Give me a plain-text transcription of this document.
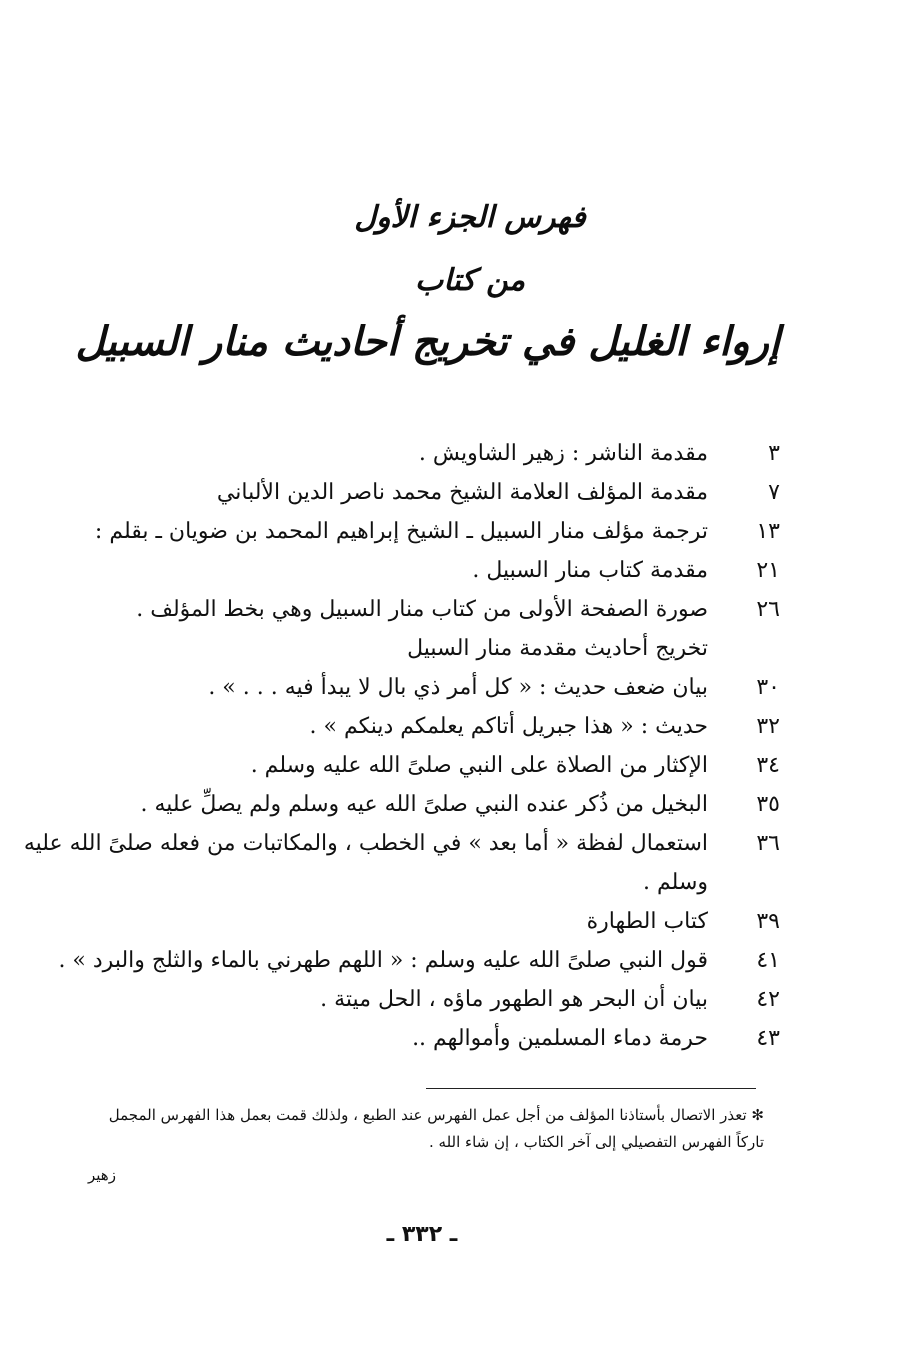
فهرس الجزء الأول
من كتاب
إرواء الغليل في تخريج أحاديث منار السبيل
٣
مقدمة الناشر : زهير الشاويش .
٧
مقدمة المؤلف العلامة الشيخ محمد ناصر الدين الألباني
١٣
ترجمة مؤلف منار السبيل ـ الشيخ إبراهيم المحمد بن ضويان ـ بقلم :
٢١
مقدمة كتاب منار السبيل .
٢٦
صورة الصفحة الأولى من كتاب منار السبيل وهي بخط المؤلف .
تخريج أحاديث مقدمة منار السبيل
٣٠
بيان ضعف حديث : « كل أمر ذي بال لا يبدأ فيه . . . » .
٣٢
حديث : « هذا جبريل أتاكم يعلمكم دينكم » .
٣٤
الإكثار من الصلاة على النبي صلىً الله عليه وسلم .
٣٥
البخيل من ذُكر عنده النبي صلىً الله عيه وسلم ولم يصلِّ عليه .
٣٦
استعمال لفظة « أما بعد » في الخطب ، والمكاتبات من فعله صلىً الله عليه
وسلم .
٣٩
كتاب الطهارة
٤١
قول النبي صلىً الله عليه وسلم : « اللهم طهرني بالماء والثلج والبرد » .
٤٢
بيان أن البحر هو الطهور ماؤه ، الحل ميتة .
٤٣
حرمة دماء المسلمين وأموالهم ..
✻ تعذر الاتصال بأستاذنا المؤلف من أجل عمل الفهرس عند الطبع ، ولذلك قمت بعمل هذا الفهرس المجمل تاركاً الفهرس التفصيلي إلى آخر الكتاب ، إن شاء الله .
زهير
ـ ٣٣٢ ـ
